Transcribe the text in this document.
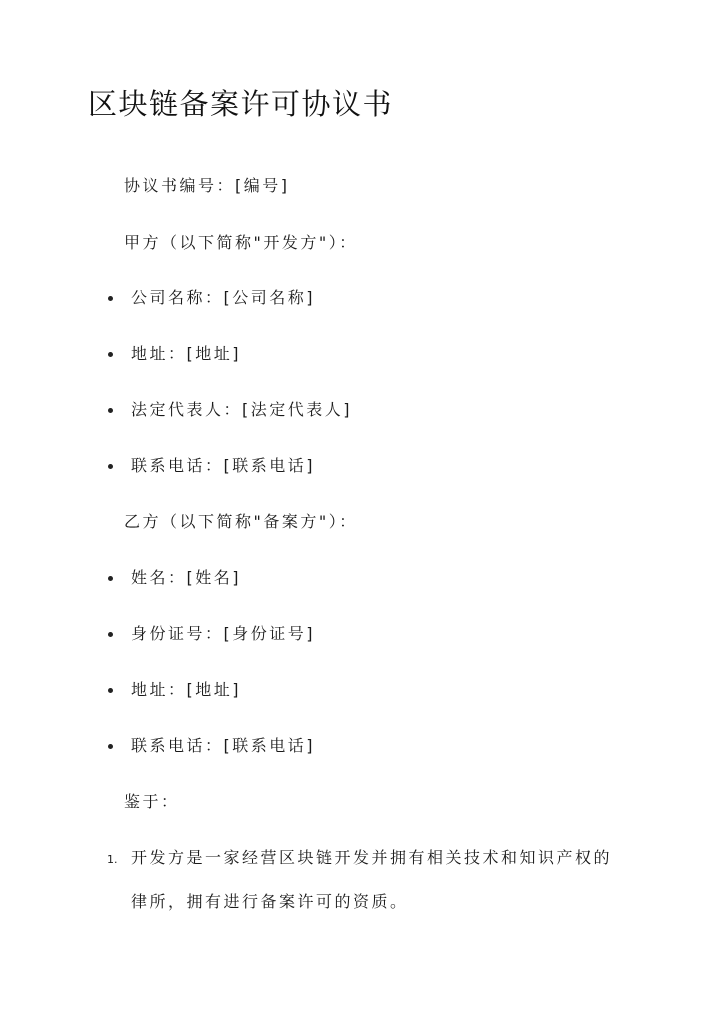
区块链备案许可协议书

协议书编号：[编号]

甲方（以下简称"开发方"）：

公司名称：[公司名称]
地址：[地址]
法定代表人：[法定代表人]
联系电话：[联系电话]

乙方（以下简称"备案方"）：

姓名：[姓名]
身份证号：[身份证号]
地址：[地址]
联系电话：[联系电话]

鉴于：

1. 开发方是一家经营区块链开发并拥有相关技术和知识产权的
律所，拥有进行备案许可的资质。
